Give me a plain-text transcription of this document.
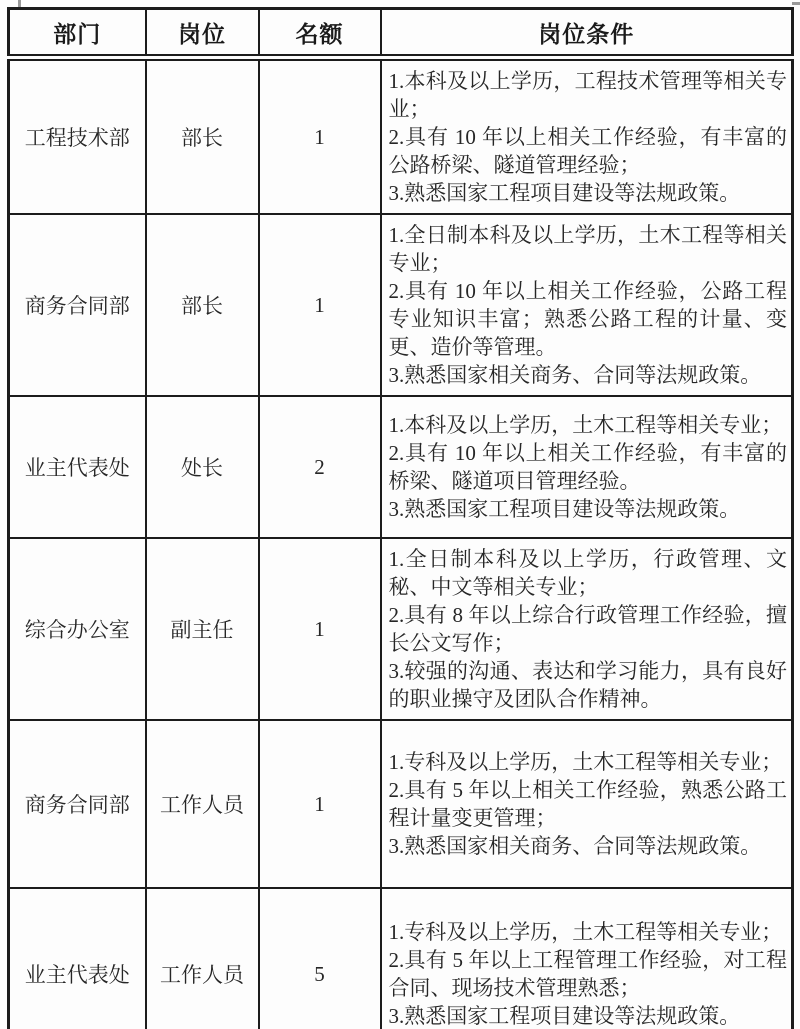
部门	岗位	名额	岗位条件
工程技术部	部长	1	1.本科及以上学历，工程技术管理等相关专业；
2.具有 10 年以上相关工作经验，有丰富的公路桥梁、隧道管理经验；
3.熟悉国家工程项目建设等法规政策。

商务合同部	部长	1	1.全日制本科及以上学历，土木工程等相关专业；
2.具有 10 年以上相关工作经验，公路工程专业知识丰富；熟悉公路工程的计量、变更、造价等管理。
3.熟悉国家相关商务、合同等法规政策。

业主代表处	处长	2	1.本科及以上学历，土木工程等相关专业；
2.具有 10 年以上相关工作经验，有丰富的桥梁、隧道项目管理经验。
3.熟悉国家工程项目建设等法规政策。

综合办公室	副主任	1	1.全日制本科及以上学历，行政管理、文秘、中文等相关专业；
2.具有 8 年以上综合行政管理工作经验，擅长公文写作；
3.较强的沟通、表达和学习能力，具有良好的职业操守及团队合作精神。

商务合同部	工作人员	1	1.专科及以上学历，土木工程等相关专业；
2.具有 5 年以上相关工作经验，熟悉公路工程计量变更管理；
3.熟悉国家相关商务、合同等法规政策。

业主代表处	工作人员	5	1.专科及以上学历，土木工程等相关专业；
2.具有 5 年以上工程管理工作经验，对工程合同、现场技术管理熟悉；
3.熟悉国家工程项目建设等法规政策。
